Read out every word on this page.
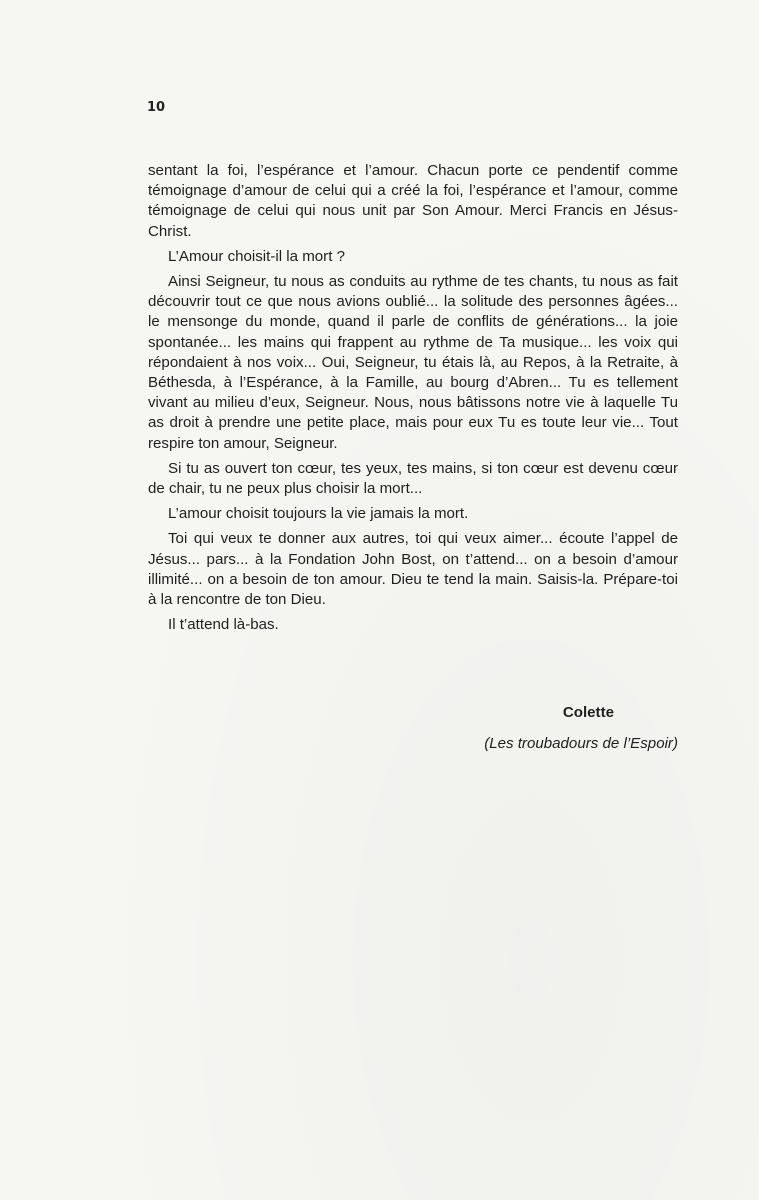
10

sentant la foi, l’espérance et l’amour. Chacun porte ce pendentif comme témoignage d’amour de celui qui a créé la foi, l’espérance et l’amour, comme témoignage de celui qui nous unit par Son Amour. Merci Francis en Jésus-Christ.

L’Amour choisit-il la mort ?

Ainsi Seigneur, tu nous as conduits au rythme de tes chants, tu nous as fait découvrir tout ce que nous avions oublié... la solitude des personnes âgées... le mensonge du monde, quand il parle de conflits de générations... la joie spontanée... les mains qui frappent au rythme de Ta musique... les voix qui répondaient à nos voix... Oui, Seigneur, tu étais là, au Repos, à la Retraite, à Béthesda, à l’Espérance, à la Famille, au bourg d’Abren... Tu es tellement vivant au milieu d’eux, Seigneur. Nous, nous bâtissons notre vie à laquelle Tu as droit à prendre une petite place, mais pour eux Tu es toute leur vie... Tout respire ton amour, Seigneur.

Si tu as ouvert ton cœur, tes yeux, tes mains, si ton cœur est devenu cœur de chair, tu ne peux plus choisir la mort...

L’amour choisit toujours la vie jamais la mort.

Toi qui veux te donner aux autres, toi qui veux aimer... écoute l’appel de Jésus... pars... à la Fondation John Bost, on t’attend... on a besoin d’amour illimité... on a besoin de ton amour. Dieu te tend la main. Saisis-la. Prépare-toi à la rencontre de ton Dieu.

Il t’attend là-bas.

Colette
(Les troubadours de l’Espoir)
